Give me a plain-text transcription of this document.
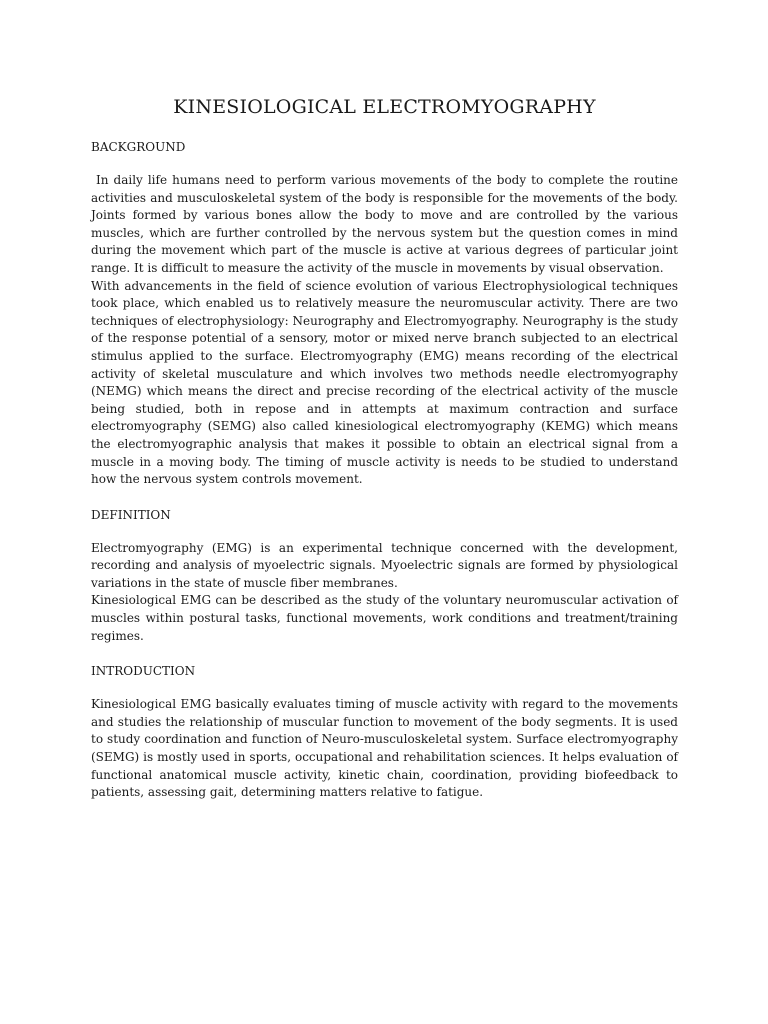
KINESIOLOGICAL ELECTROMYOGRAPHY
BACKGROUND

In daily life humans need to perform various movements of the body to complete the routine activities and musculoskeletal system of the body is responsible for the movements of the body. Joints formed by various bones allow the body to move and are controlled by the various muscles, which are further controlled by the nervous system but the question comes in mind during the movement which part of the muscle is active at various degrees of particular joint range. It is difficult to measure the activity of the muscle in movements by visual observation.

With advancements in the field of science evolution of various Electrophysiological techniques took place, which enabled us to relatively measure the neuromuscular activity. There are two techniques of electrophysiology: Neurography and Electromyography. Neurography is the study of the response potential of a sensory, motor or mixed nerve branch subjected to an electrical stimulus applied to the surface. Electromyography (EMG) means recording of the electrical activity of skeletal musculature and which involves two methods needle electromyography (NEMG) which means the direct and precise recording of the electrical activity of the muscle being studied, both in repose and in attempts at maximum contraction and surface electromyography (SEMG) also called kinesiological electromyography (KEMG) which means the electromyographic analysis that makes it possible to obtain an electrical signal from a muscle in a moving body. The timing of muscle activity is needs to be studied to understand how the nervous system controls movement.

DEFINITION

Electromyography (EMG) is an experimental technique concerned with the development, recording and analysis of myoelectric signals. Myoelectric signals are formed by physiological variations in the state of muscle fiber membranes.

Kinesiological EMG can be described as the study of the voluntary neuromuscular activation of muscles within postural tasks, functional movements, work conditions and treatment/training regimes.

INTRODUCTION

Kinesiological EMG basically evaluates timing of muscle activity with regard to the movements and studies the relationship of muscular function to movement of the body segments. It is used to study coordination and function of Neuro-musculoskeletal system. Surface electromyography (SEMG) is mostly used in sports, occupational and rehabilitation sciences. It helps evaluation of functional anatomical muscle activity, kinetic chain, coordination, providing biofeedback to patients, assessing gait, determining matters relative to fatigue.
